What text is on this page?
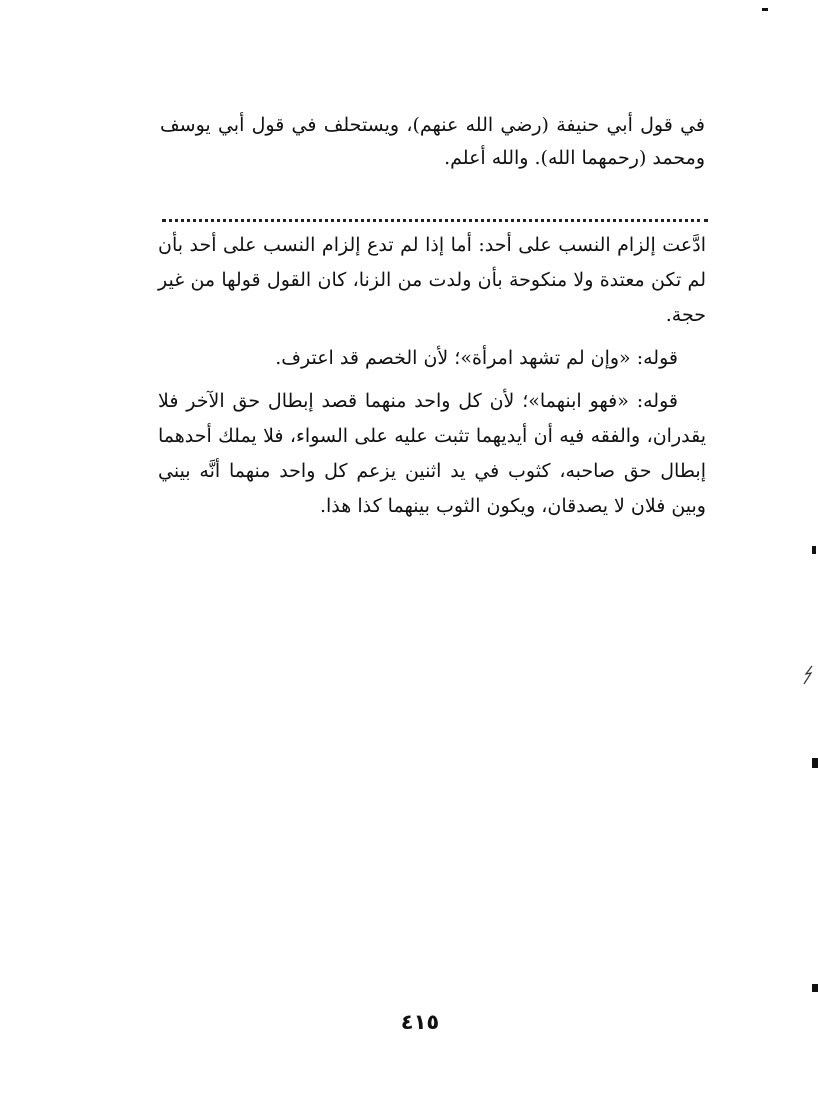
في قول أبي حنيفة (رضي الله عنهم)، ويستحلف في قول أبي يوسف ومحمد (رحمهما الله). والله أعلم.

ادَّعت إلزام النسب على أحد: أما إذا لم تدع إلزام النسب على أحد بأن لم تكن معتدة ولا منكوحة بأن ولدت من الزنا، كان القول قولها من غير حجة.

قوله: «وإن لم تشهد امرأة»؛ لأن الخصم قد اعترف.

قوله: «فهو ابنهما»؛ لأن كل واحد منهما قصد إبطال حق الآخر فلا يقدران، والفقه فيه أن أيديهما تثبت عليه على السواء، فلا يملك أحدهما إبطال حق صاحبه، كثوب في يد اثنين يزعم كل واحد منهما أنَّه بيني وبين فلان لا يصدقان، ويكون الثوب بينهما كذا هذا.

٤١٥
